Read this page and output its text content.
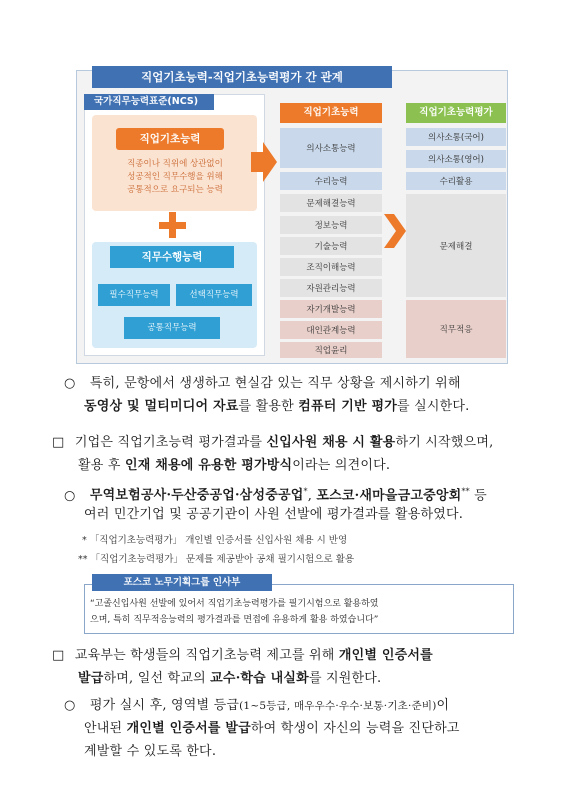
직업기초능력-직업기초능력평가 간 관계
국가직무능력표준(NCS)
직업기초능력
직종이나 직위에 상관없이
성공적인 직무수행을 위해
공통적으로 요구되는 능력
직무수행능력
필수직무능력	선택직무능력
공통직무능력
직업기초능력
의사소통능력
수리능력
문제해결능력
정보능력
기술능력
조직이해능력
자원관리능력
자기개발능력
대인관계능력
직업윤리
직업기초능력평가
의사소통(국어)
의사소통(영어)
수리활용
문제해결
직무적응
○ 특히, 문항에서 생생하고 현실감 있는 직무 상황을 제시하기 위해
동영상 및 멀티미디어 자료를 활용한 컴퓨터 기반 평가를 실시한다.
□ 기업은 직업기초능력 평가결과를 신입사원 채용 시 활용하기 시작했으며,
활용 후 인재 채용에 유용한 평가방식이라는 의견이다.
○ 무역보험공사·두산중공업·삼성중공업*, 포스코·새마을금고중앙회** 등
여러 민간기업 및 공공기관이 사원 선발에 평가결과를 활용하였다.
* 「직업기초능력평가」 개인별 인증서를 신입사원 채용 시 반영
** 「직업기초능력평가」 문제를 제공받아 공채 필기시험으로 활용
포스코 노무기획그룹 인사부
“고졸신입사원 선발에 있어서 직업기초능력평가를 필기시험으로 활용하였
으며, 특히 직무적응능력의 평가결과를 면접에 유용하게 활용 하였습니다”
□ 교육부는 학생들의 직업기초능력 제고를 위해 개인별 인증서를
발급하며, 일선 학교의 교수·학습 내실화를 지원한다.
○ 평가 실시 후, 영역별 등급(1~5등급, 매우우수·우수·보통·기초·준비)이
안내된 개인별 인증서를 발급하여 학생이 자신의 능력을 진단하고
계발할 수 있도록 한다.
